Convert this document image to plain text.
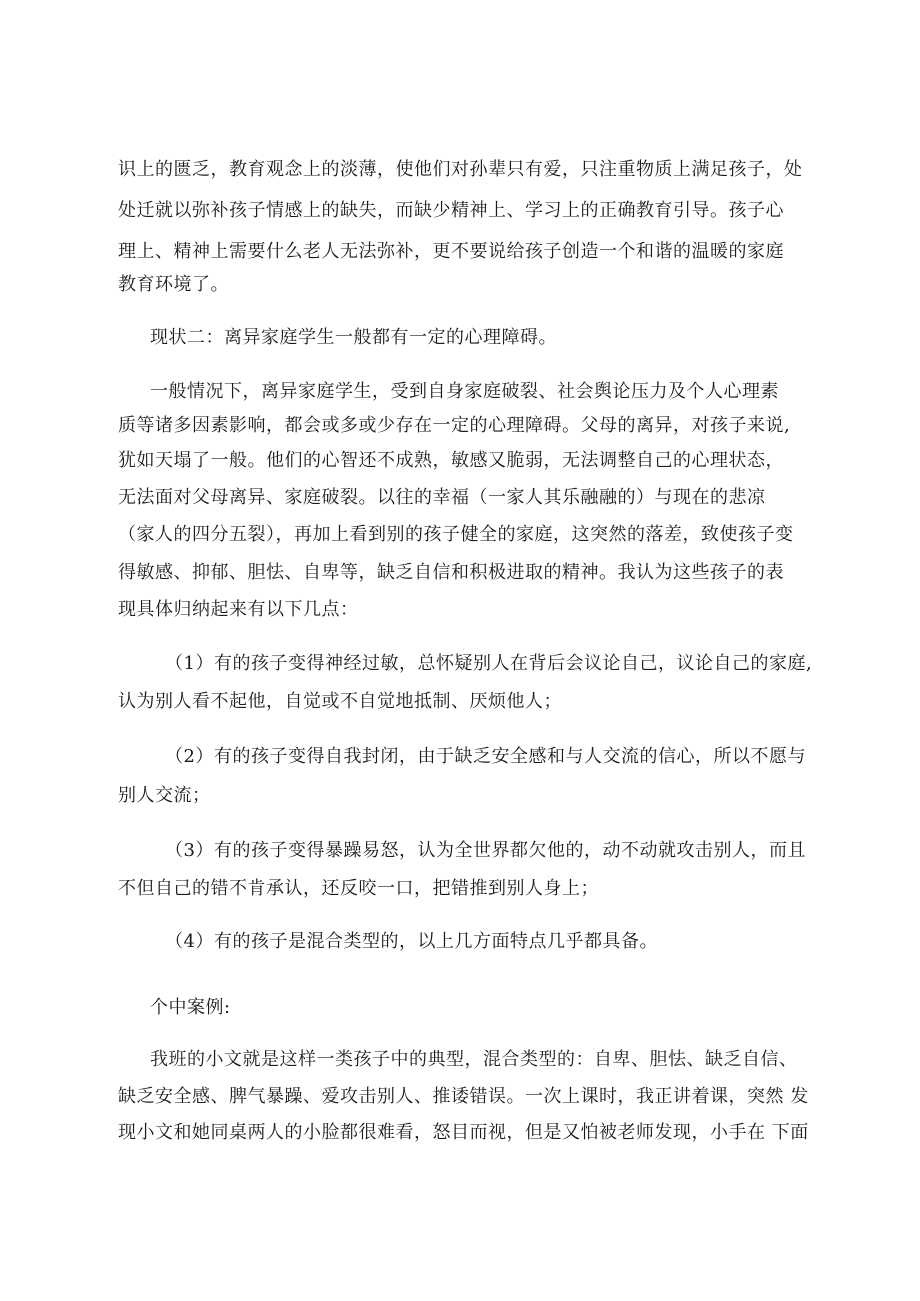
识上的匮乏，教育观念上的淡薄，使他们对孙辈只有爱，只注重物质上满足孩子，处
处迁就以弥补孩子情感上的缺失，而缺少精神上、学习上的正确教育引导。孩子心
理上、精神上需要什么老人无法弥补，更不要说给孩子创造一个和谐的温暖的家庭
教育环境了。
现状二：离异家庭学生一般都有一定的心理障碍。
一般情况下，离异家庭学生，受到自身家庭破裂、社会舆论压力及个人心理素
质等诸多因素影响，都会或多或少存在一定的心理障碍。父母的离异，对孩子来说,
犹如天塌了一般。他们的心智还不成熟，敏感又脆弱，无法调整自己的心理状态，
无法面对父母离异、家庭破裂。以往的幸福（一家人其乐融融的）与现在的悲凉
（家人的四分五裂），再加上看到别的孩子健全的家庭，这突然的落差，致使孩子变
得敏感、抑郁、胆怯、自卑等，缺乏自信和积极进取的精神。我认为这些孩子的表
现具体归纳起来有以下几点：
（1）有的孩子变得神经过敏，总怀疑别人在背后会议论自己，议论自己的家庭,
认为别人看不起他，自觉或不自觉地抵制、厌烦他人；
（2）有的孩子变得自我封闭，由于缺乏安全感和与人交流的信心，所以不愿与
别人交流；
（3）有的孩子变得暴躁易怒，认为全世界都欠他的，动不动就攻击别人，而且
不但自己的错不肯承认，还反咬一口，把错推到别人身上；
（4）有的孩子是混合类型的，以上几方面特点几乎都具备。
个中案例:
我班的小文就是这样一类孩子中的典型，混合类型的：自卑、胆怯、缺乏自信、
缺乏安全感、脾气暴躁、爱攻击别人、推诿错误。一次上课时，我正讲着课，突然 发
现小文和她同桌两人的小脸都很难看，怒目而视，但是又怕被老师发现，小手在 下面
